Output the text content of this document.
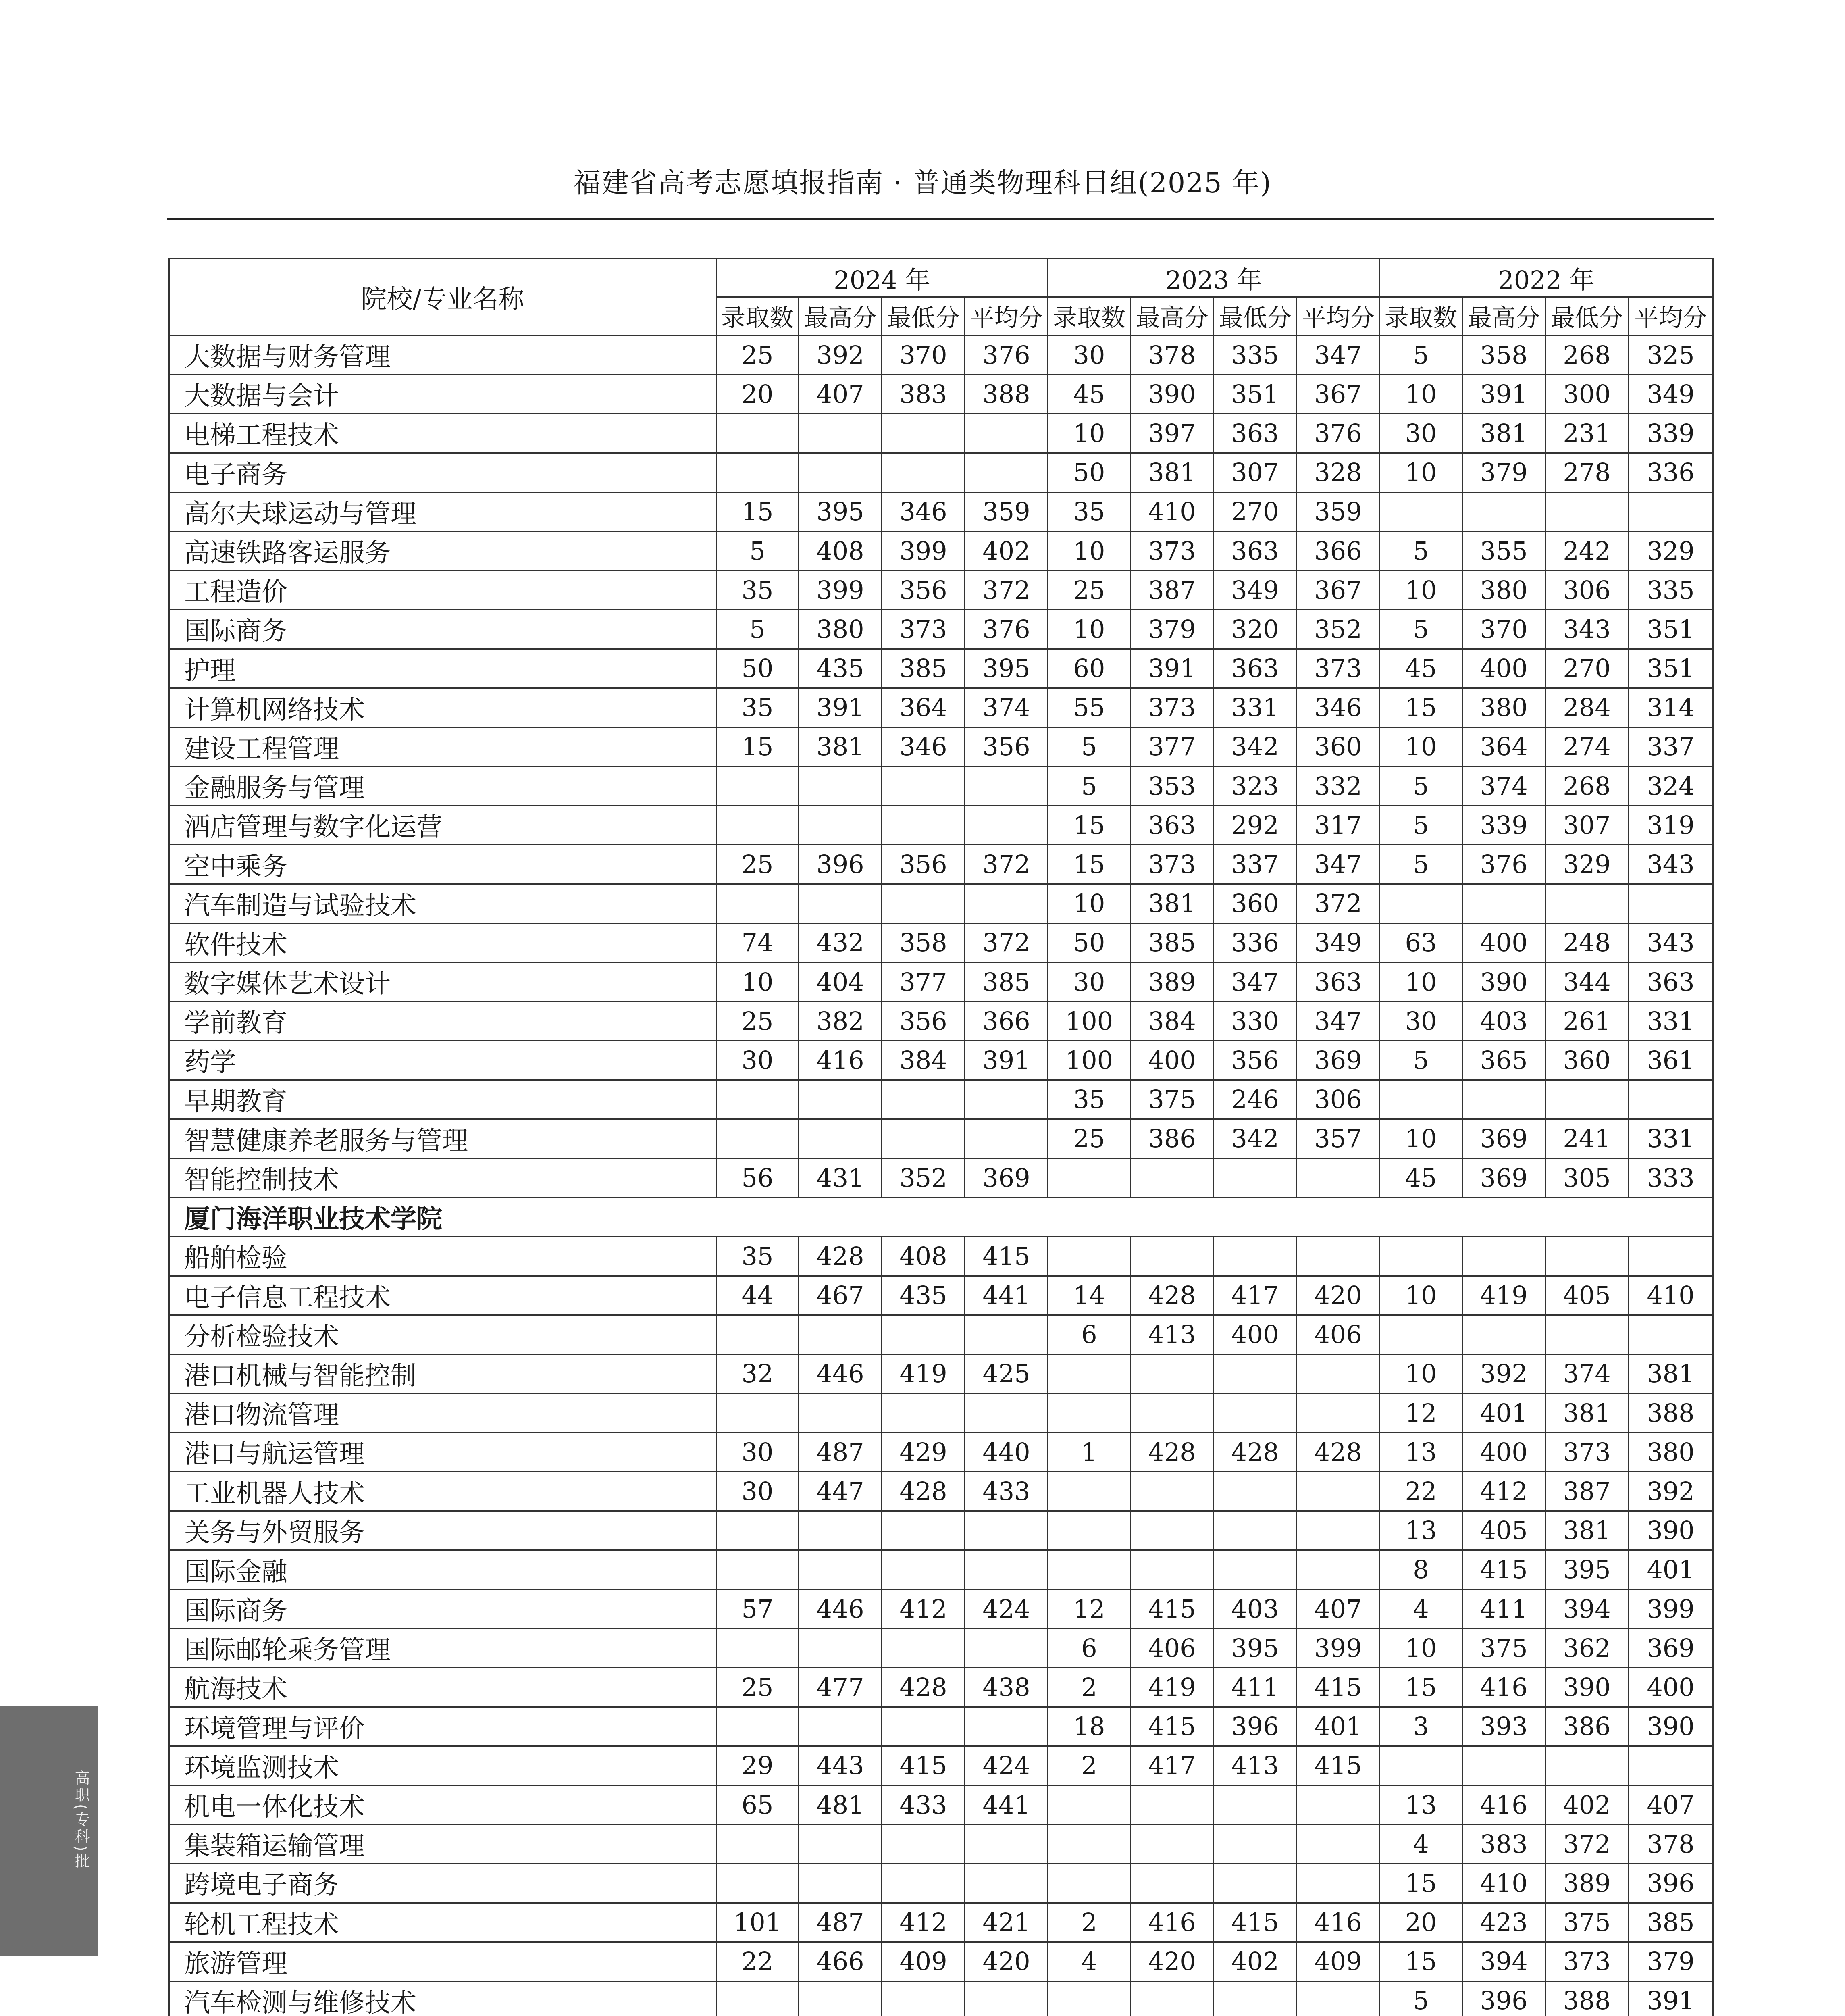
福建省高考志愿填报指南 · 普通类物理科目组(2025 年)
院校/专业名称	2024 年				2023 年				2022 年			
	录取数	最高分	最低分	平均分	录取数	最高分	最低分	平均分	录取数	最高分	最低分	平均分
大数据与财务管理	25	392	370	376	30	378	335	347	5	358	268	325
大数据与会计	20	407	383	388	45	390	351	367	10	391	300	349
电梯工程技术					10	397	363	376	30	381	231	339
电子商务					50	381	307	328	10	379	278	336
高尔夫球运动与管理	15	395	346	359	35	410	270	359				
高速铁路客运服务	5	408	399	402	10	373	363	366	5	355	242	329
工程造价	35	399	356	372	25	387	349	367	10	380	306	335
国际商务	5	380	373	376	10	379	320	352	5	370	343	351
护理	50	435	385	395	60	391	363	373	45	400	270	351
计算机网络技术	35	391	364	374	55	373	331	346	15	380	284	314
建设工程管理	15	381	346	356	5	377	342	360	10	364	274	337
金融服务与管理					5	353	323	332	5	374	268	324
酒店管理与数字化运营					15	363	292	317	5	339	307	319
空中乘务	25	396	356	372	15	373	337	347	5	376	329	343
汽车制造与试验技术					10	381	360	372				
软件技术	74	432	358	372	50	385	336	349	63	400	248	343
数字媒体艺术设计	10	404	377	385	30	389	347	363	10	390	344	363
学前教育	25	382	356	366	100	384	330	347	30	403	261	331
药学	30	416	384	391	100	400	356	369	5	365	360	361
早期教育					35	375	246	306				
智慧健康养老服务与管理					25	386	342	357	10	369	241	331
智能控制技术	56	431	352	369					45	369	305	333
厦门海洋职业技术学院												
船舶检验	35	428	408	415								
电子信息工程技术	44	467	435	441	14	428	417	420	10	419	405	410
分析检验技术					6	413	400	406				
港口机械与智能控制	32	446	419	425					10	392	374	381
港口物流管理									12	401	381	388
港口与航运管理	30	487	429	440	1	428	428	428	13	400	373	380
工业机器人技术	30	447	428	433					22	412	387	392
关务与外贸服务									13	405	381	390
国际金融									8	415	395	401
国际商务	57	446	412	424	12	415	403	407	4	411	394	399
国际邮轮乘务管理					6	406	395	399	10	375	362	369
航海技术	25	477	428	438	2	419	411	415	15	416	390	400
环境管理与评价					18	415	396	401	3	393	386	390
环境监测技术	29	443	415	424	2	417	413	415				
机电一体化技术	65	481	433	441					13	416	402	407
集装箱运输管理									4	383	372	378
跨境电子商务									15	410	389	396
轮机工程技术	101	487	412	421	2	416	415	416	20	423	375	385
旅游管理	22	466	409	420	4	420	402	409	15	394	373	379
汽车检测与维修技术									5	396	388	391

高职(专科)批
